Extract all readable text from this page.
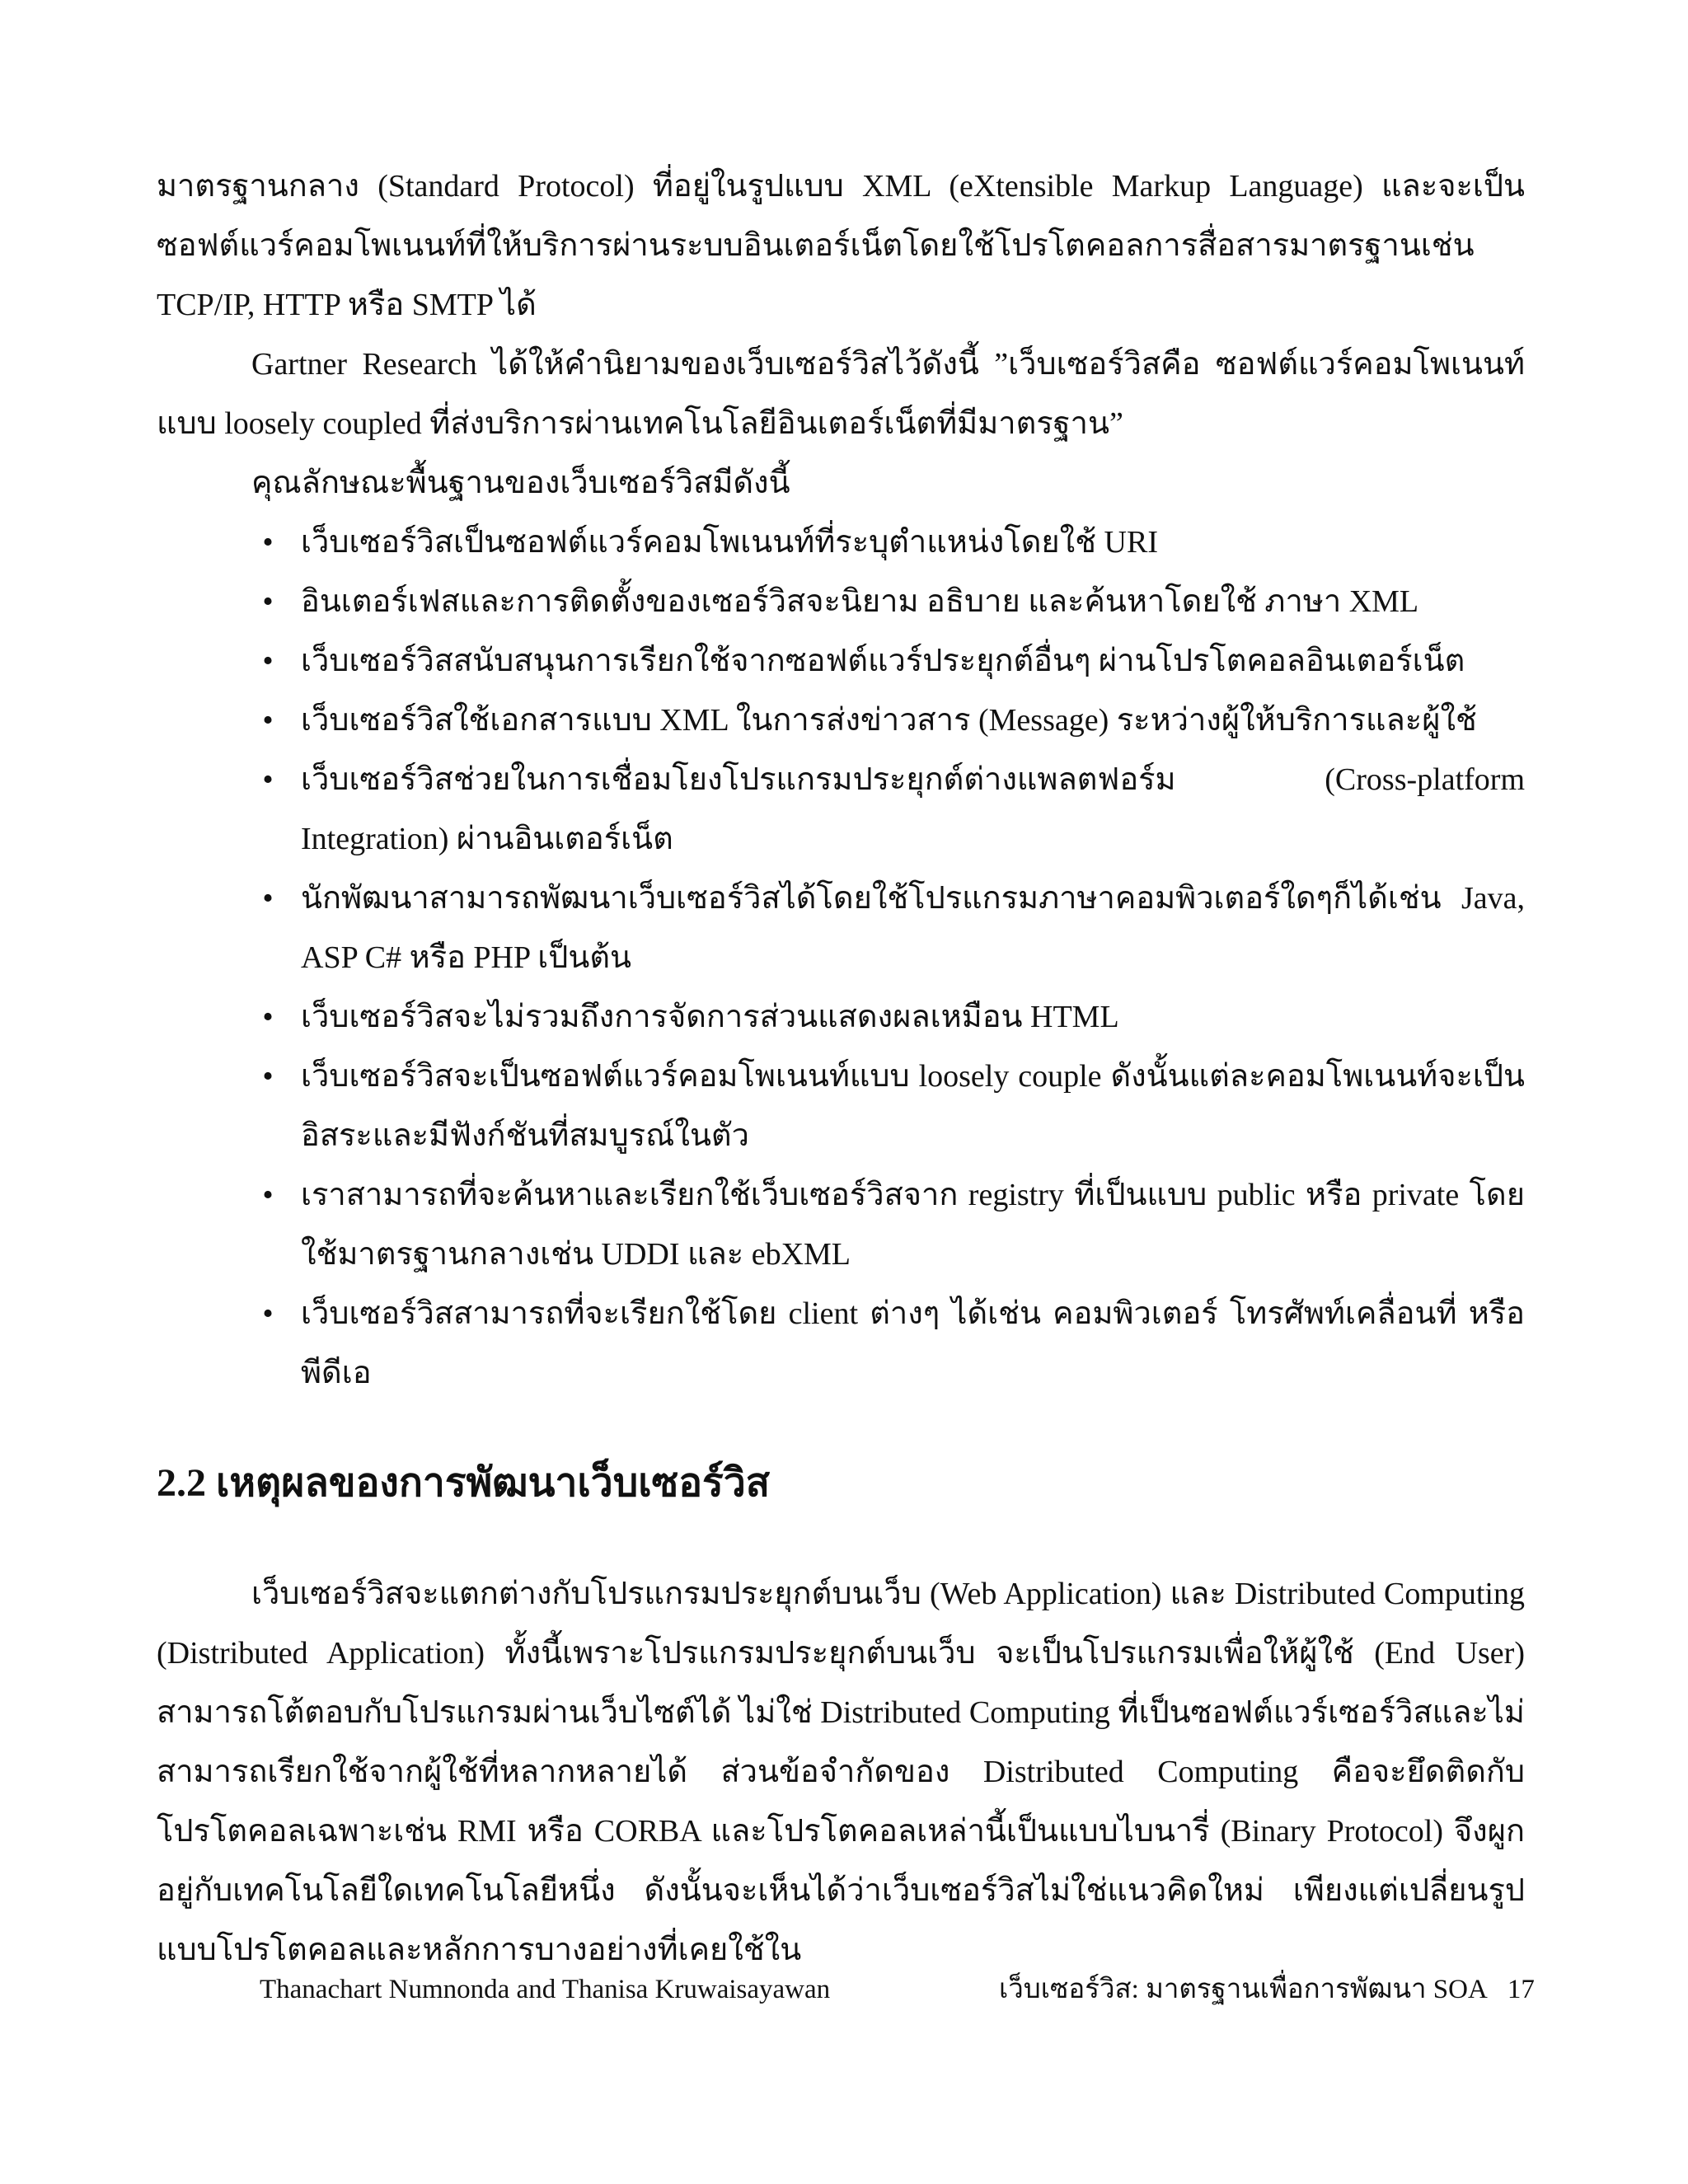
มาตรฐานกลาง (Standard Protocol) ที่อยู่ในรูปแบบ XML (eXtensible Markup Language) และจะเป็นซอฟต์แวร์คอมโพเนนท์ที่ให้บริการผ่านระบบอินเตอร์เน็ตโดยใช้โปรโตคอลการสื่อสารมาตรฐานเช่น TCP/IP, HTTP หรือ SMTP ได้

Gartner Research ได้ให้คำนิยามของเว็บเซอร์วิสไว้ดังนี้ ”เว็บเซอร์วิสคือ ซอฟต์แวร์คอมโพเนนท์แบบ loosely coupled ที่ส่งบริการผ่านเทคโนโลยีอินเตอร์เน็ตที่มีมาตรฐาน”

คุณลักษณะพื้นฐานของเว็บเซอร์วิสมีดังนี้

• เว็บเซอร์วิสเป็นซอฟต์แวร์คอมโพเนนท์ที่ระบุตำแหน่งโดยใช้ URI
• อินเตอร์เฟสและการติดตั้งของเซอร์วิสจะนิยาม อธิบาย และค้นหาโดยใช้ ภาษา XML
• เว็บเซอร์วิสสนับสนุนการเรียกใช้จากซอฟต์แวร์ประยุกต์อื่นๆ ผ่านโปรโตคอลอินเตอร์เน็ต
• เว็บเซอร์วิสใช้เอกสารแบบ XML ในการส่งข่าวสาร (Message) ระหว่างผู้ให้บริการและผู้ใช้
• เว็บเซอร์วิสช่วยในการเชื่อมโยงโปรแกรมประยุกต์ต่างแพลตฟอร์ม (Cross-platform Integration) ผ่านอินเตอร์เน็ต
• นักพัฒนาสามารถพัฒนาเว็บเซอร์วิสได้โดยใช้โปรแกรมภาษาคอมพิวเตอร์ใดๆก็ได้เช่น Java, ASP C# หรือ PHP เป็นต้น
• เว็บเซอร์วิสจะไม่รวมถึงการจัดการส่วนแสดงผลเหมือน HTML
• เว็บเซอร์วิสจะเป็นซอฟต์แวร์คอมโพเนนท์แบบ loosely couple ดังนั้นแต่ละคอมโพเนนท์จะเป็นอิสระและมีฟังก์ชันที่สมบูรณ์ในตัว
• เราสามารถที่จะค้นหาและเรียกใช้เว็บเซอร์วิสจาก registry ที่เป็นแบบ public หรือ private โดยใช้มาตรฐานกลางเช่น UDDI และ ebXML
• เว็บเซอร์วิสสามารถที่จะเรียกใช้โดย client ต่างๆ ได้เช่น คอมพิวเตอร์ โทรศัพท์เคลื่อนที่ หรือ พีดีเอ
2.2 เหตุผลของการพัฒนาเว็บเซอร์วิส

เว็บเซอร์วิสจะแตกต่างกับโปรแกรมประยุกต์บนเว็บ (Web Application) และ Distributed Computing (Distributed Application) ทั้งนี้เพราะโปรแกรมประยุกต์บนเว็บ จะเป็นโปรแกรมเพื่อให้ผู้ใช้ (End User) สามารถโต้ตอบกับโปรแกรมผ่านเว็บไซต์ได้ ไม่ใช่ Distributed Computing ที่เป็นซอฟต์แวร์เซอร์วิสและไม่สามารถเรียกใช้จากผู้ใช้ที่หลากหลายได้ ส่วนข้อจำกัดของ Distributed Computing คือจะยึดติดกับโปรโตคอลเฉพาะเช่น RMI หรือ CORBA และโปรโตคอลเหล่านี้เป็นแบบไบนารี่ (Binary Protocol) จึงผูกอยู่กับเทคโนโลยีใดเทคโนโลยีหนึ่ง ดังนั้นจะเห็นได้ว่าเว็บเซอร์วิสไม่ใช่แนวคิดใหม่ เพียงแต่เปลี่ยนรูปแบบโปรโตคอลและหลักการบางอย่างที่เคยใช้ใน

Thanachart Numnonda and Thanisa Kruwaisayawan	เว็บเซอร์วิส: มาตรฐานเพื่อการพัฒนา SOA 17
